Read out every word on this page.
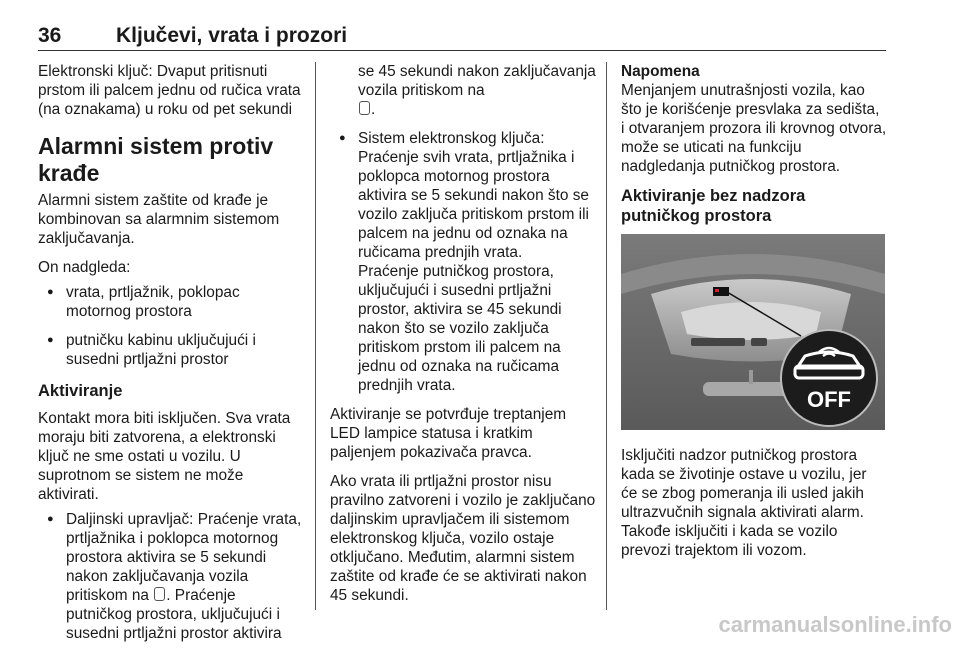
36	Ključevi, vrata i prozori

Elektronski ključ: Dvaput pritisnuti prstom ili palcem jednu od ručica vrata (na oznakama) u roku od pet sekundi

Alarmni sistem protiv krađe

Alarmni sistem zaštite od krađe je kombinovan sa alarmnim sistemom zaključavanja.

On nadgleda:

● vrata, prtljažnik, poklopac motornog prostora
● putničku kabinu uključujući i susedni prtljažni prostor
Aktiviranje

Kontakt mora biti isključen. Sva vrata moraju biti zatvorena, a elektronski ključ ne sme ostati u vozilu. U suprotnom se sistem ne može aktivirati.

● Daljinski upravljač: Praćenje vrata, prtljažnika i poklopca motornog prostora aktivira se 5 sekundi nakon zaključavanja vozila pritiskom na . Praćenje putničkog prostora, uključujući i susedni prtljažni prostor aktivira

se 45 sekundi nakon zaključavanja vozila pritiskom na
.

● Sistem elektronskog ključa: Praćenje svih vrata, prtljažnika i poklopca motornog prostora aktivira se 5 sekundi nakon što se vozilo zaključa pritiskom prstom ili palcem na jednu od oznaka na ručicama prednjih vrata.
Praćenje putničkog prostora, uključujući i susedni prtljažni prostor, aktivira se 45 sekundi nakon što se vozilo zaključa pritiskom prstom ili palcem na jednu od oznaka na ručicama prednjih vrata.

Aktiviranje se potvrđuje treptanjem LED lampice statusa i kratkim paljenjem pokazivača pravca.

Ako vrata ili prtljažni prostor nisu pravilno zatvoreni i vozilo je zaključano daljinskim upravljačem ili sistemom elektronskog ključa, vozilo ostaje otključano. Međutim, alarmni sistem zaštite od krađe će se aktivirati nakon 45 sekundi.

Napomena

Menjanjem unutrašnjosti vozila, kao što je korišćenje presvlaka za sedišta, i otvaranjem prozora ili krovnog otvora, može se uticati na funkciju nadgledanja putničkog prostora.

Aktiviranje bez nadzora putničkog prostora
OFF

Isključiti nadzor putničkog prostora kada se životinje ostave u vozilu, jer će se zbog pomeranja ili usled jakih ultrazvučnih signala aktivirati alarm. Takođe isključiti i kada se vozilo prevozi trajektom ili vozom.

carmanualsonline.info
